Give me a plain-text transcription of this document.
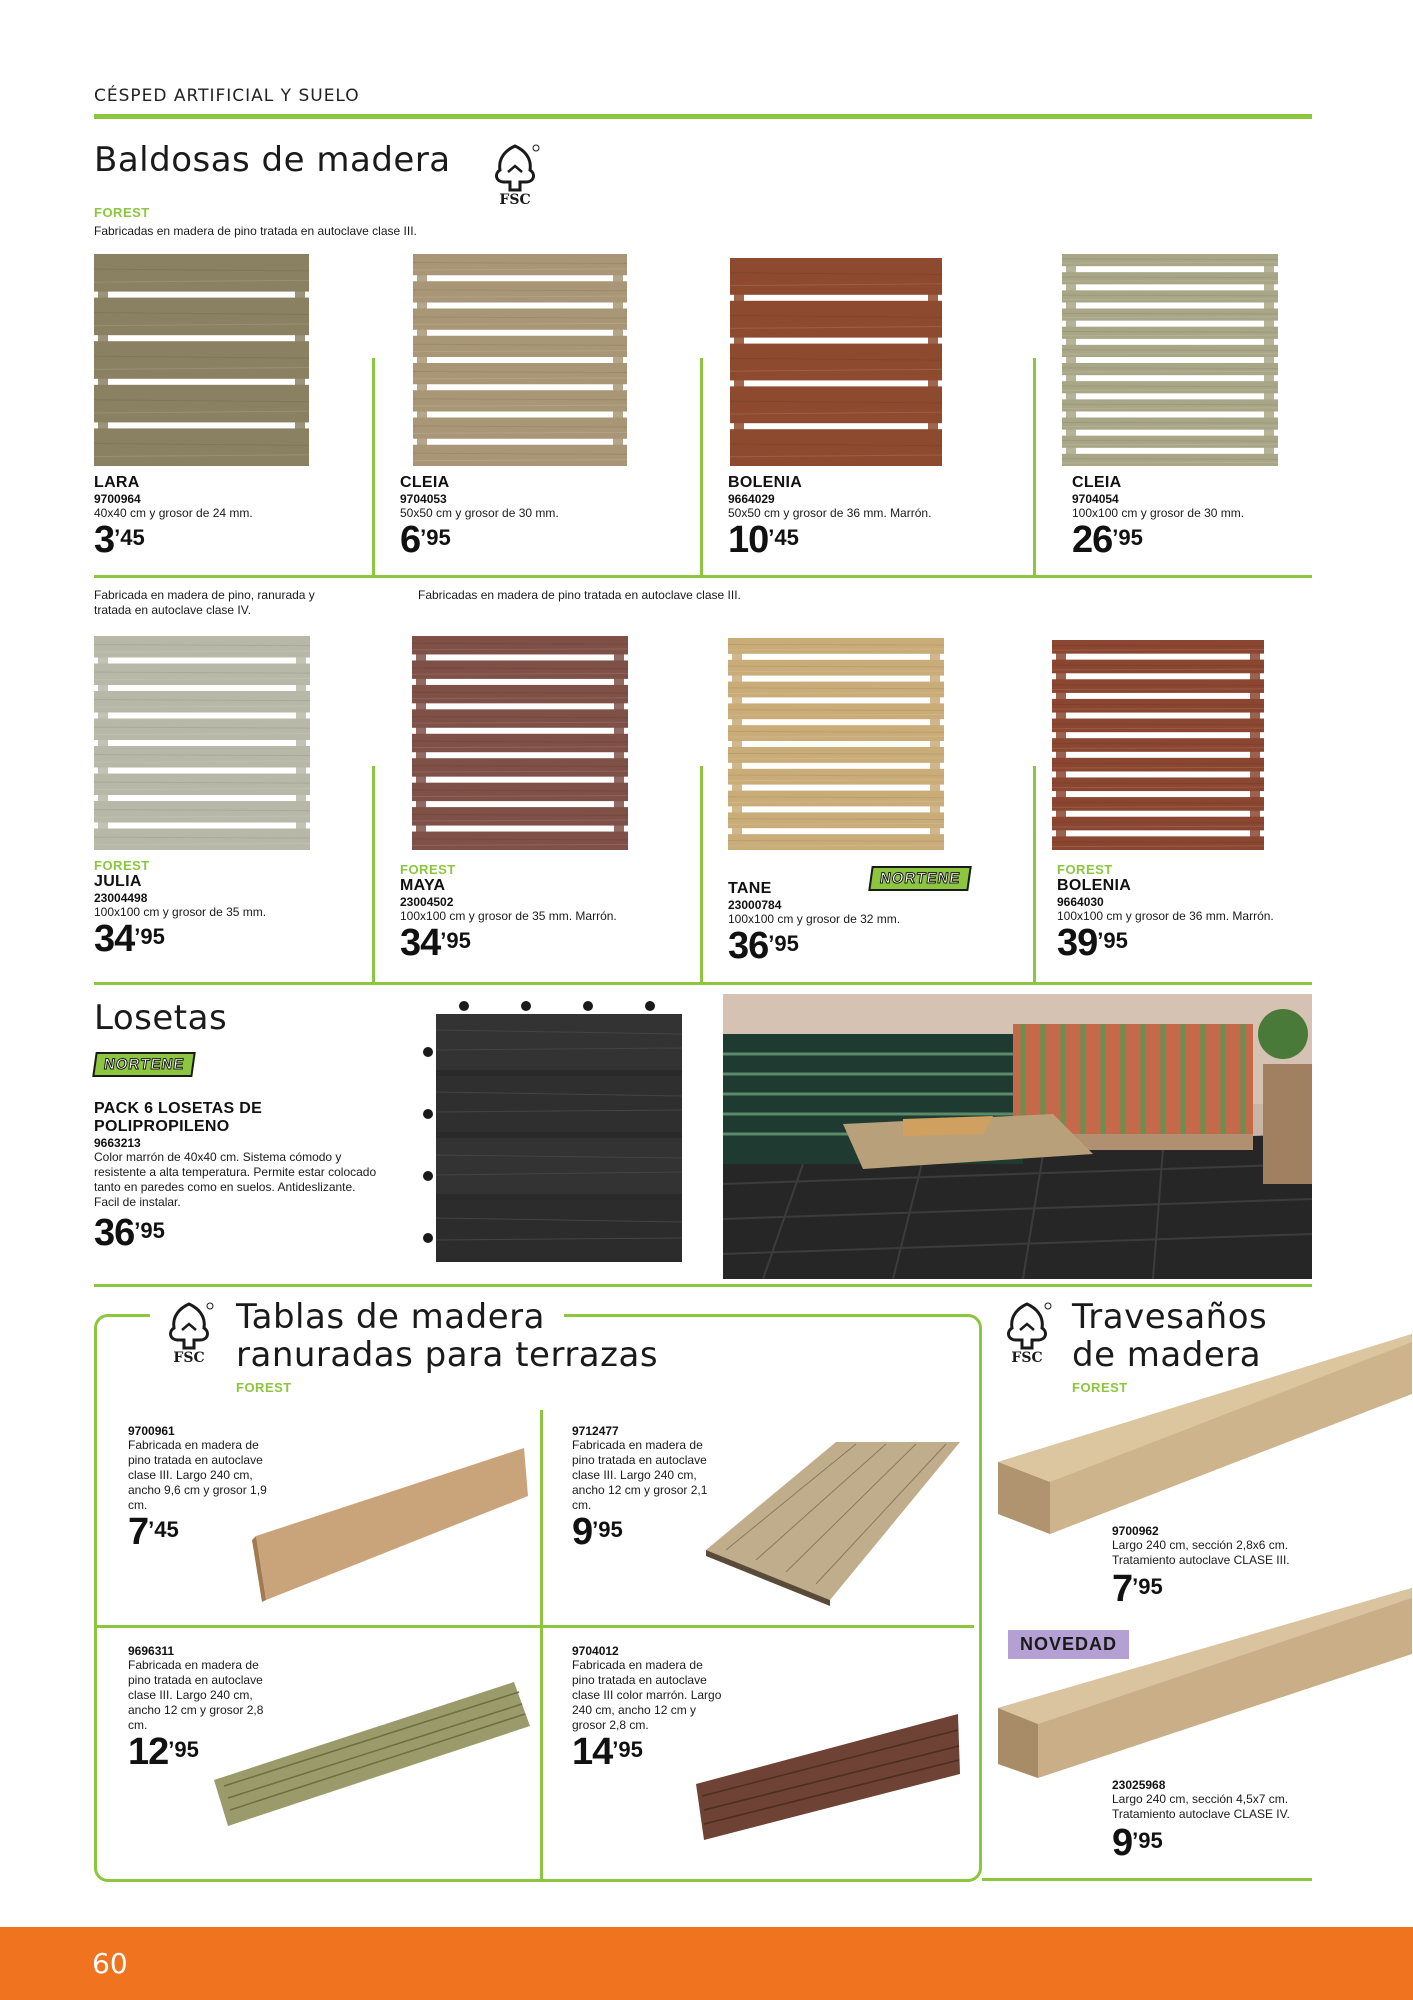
CÉSPED ARTIFICIAL Y SUELO
Baldosas de madera
FSC
FOREST
Fabricadas en madera de pino tratada en autoclave clase III.
LARA
9700964
40x40 cm y grosor de 24 mm.
$3^{’45}$
CLEIA
9704053
50x50 cm y grosor de 30 mm.
$6^{’95}$
BOLENIA
9664029
50x50 cm y grosor de 36 mm. Marrón.
$10^{’45}$
CLEIA
9704054
100x100 cm y grosor de 30 mm.
$26^{’95}$
Fabricada en madera de pino, ranurada y tratada en autoclave clase IV.
Fabricadas en madera de pino tratada en autoclave clase III.
FOREST
JULIA
23004498
100x100 cm y grosor de 35 mm.
$34^{’95}$
FOREST
MAYA
23004502
100x100 cm y grosor de 35 mm. Marrón.
$34^{’95}$
NORTENE
TANE
23000784
100x100 cm y grosor de 32 mm.
$36^{’95}$
FOREST
BOLENIA
9664030
100x100 cm y grosor de 36 mm. Marrón.
$39^{’95}$
Losetas
NORTENE
PACK 6 LOSETAS DE POLIPROPILENO
9663213
Color marrón de 40x40 cm. Sistema cómodo y resistente a alta temperatura. Permite estar colocado tanto en paredes como en suelos. Antideslizante. Facil de instalar.
$36^{’95}$
FSC
Tablas de madera
ranuradas para terrazas
FOREST
9700961
Fabricada en madera de pino tratada en autoclave clase III. Largo 240 cm, ancho 9,6 cm y grosor 1,9 cm.
$7^{’45}$
9712477
Fabricada en madera de pino tratada en autoclave clase III. Largo 240 cm, ancho 12 cm y grosor 2,1 cm.
$9^{’95}$
9696311
Fabricada en madera de pino tratada en autoclave clase III. Largo 240 cm, ancho 12 cm y grosor 2,8 cm.
$12^{’95}$
9704012
Fabricada en madera de pino tratada en autoclave clase III color marrón. Largo 240 cm, ancho 12 cm y grosor 2,8 cm.
$14^{’95}$
FSC
Travesaños
de madera
FOREST
9700962
Largo 240 cm, sección 2,8x6 cm.
Tratamiento autoclave CLASE III.
$7^{’95}$
NOVEDAD
23025968
Largo 240 cm, sección 4,5x7 cm.
Tratamiento autoclave CLASE IV.
$9^{’95}$
60
